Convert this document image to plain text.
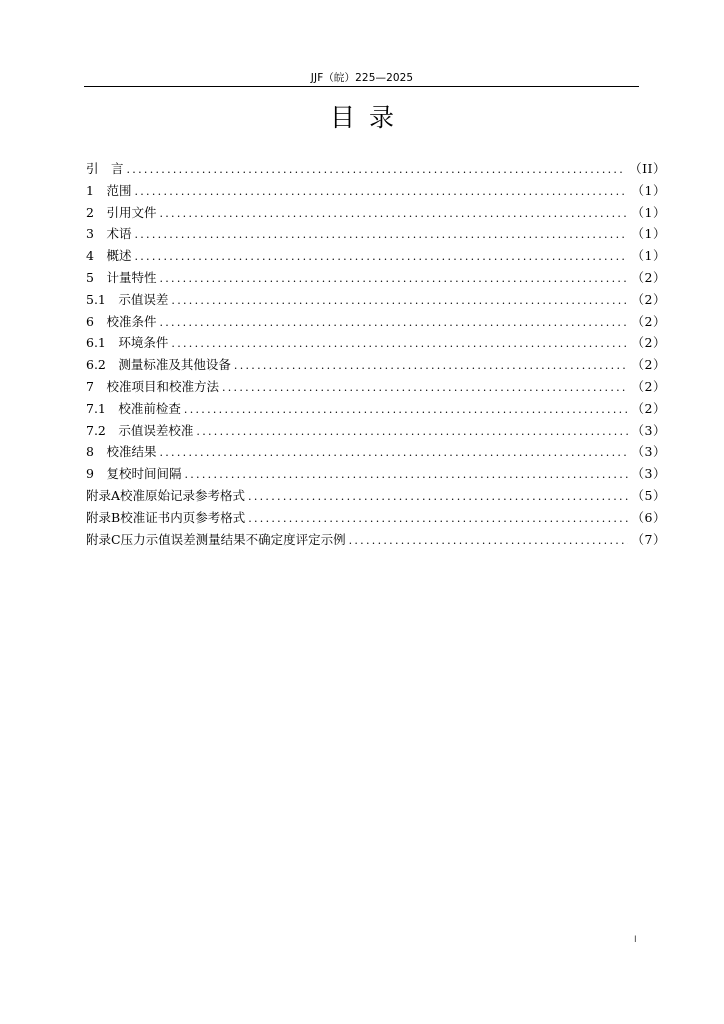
JJF（皖）225—2025
目录
引　言 .....	（II）
1　 范围 .....	（1）
2　 引用文件 .....	（1）
3　 术语 .....	（1）
4　 概述 .....	（1）
5　 计量特性 .....	（2）
5.1　 示值误差 .....	（2）
6　 校准条件 .....	（2）
6.1　 环境条件 .....	（2）
6.2　 测量标准及其他设备 .....	（2）
7　 校准项目和校准方法 .....	（2）
7.1　 校准前检查 .....	（2）
7.2　 示值误差校准 .....	（3）
8　 校准结果 .....	（3）
9　 复校时间间隔 .....	（3）
附录A 校准原始记录参考格式 .....	（5）
附录B 校准证书内页参考格式 .....	（6）
附录C 压力示值误差测量结果不确定度评定示例 .....	（7）
I
